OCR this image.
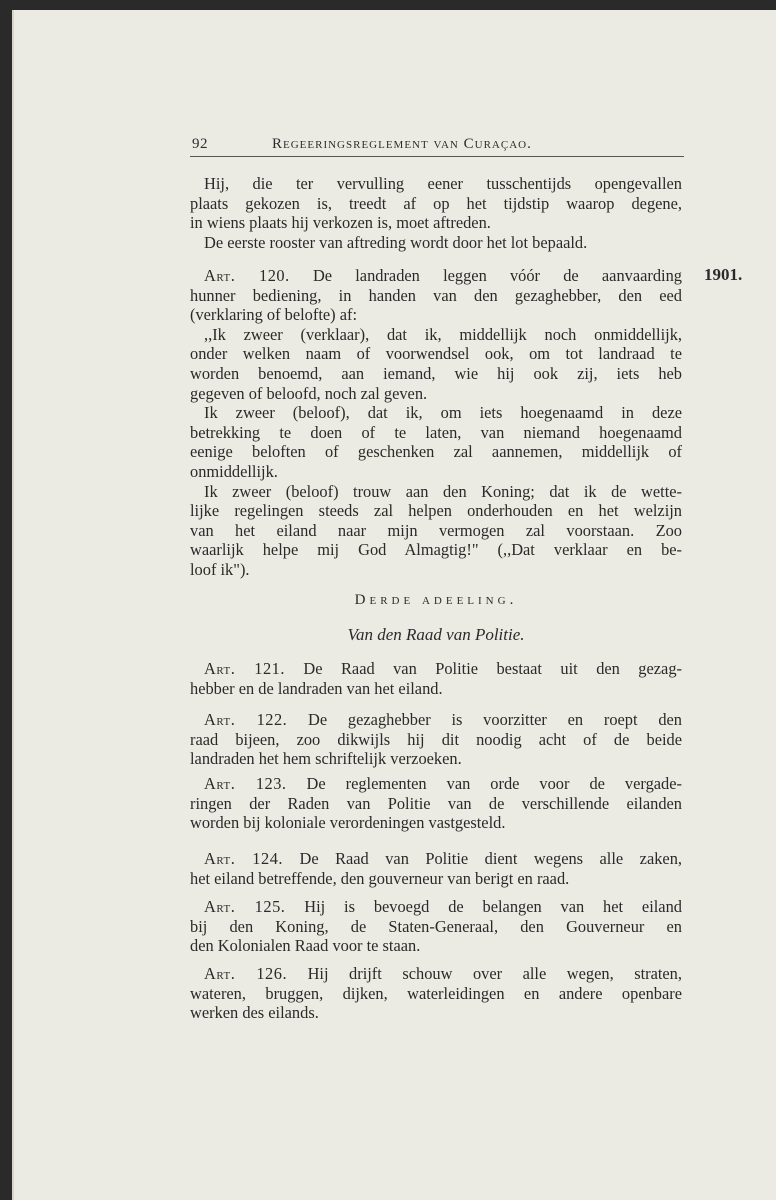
92	Regeeringsreglement van Curaçao.
Hij, die ter vervulling eener tusschentijds opengevallen
plaats gekozen is, treedt af op het tijdstip waarop degene,
in wiens plaats hij verkozen is, moet aftreden.
De eerste rooster van aftreding wordt door het lot bepaald.
1901.
Art. 120. De landraden leggen vóór de aanvaarding
hunner bediening, in handen van den gezaghebber, den eed
(verklaring of belofte) af:
,,Ik zweer (verklaar), dat ik, middellijk noch onmiddellijk,
onder welken naam of voorwendsel ook, om tot landraad te
worden benoemd, aan iemand, wie hij ook zij, iets heb
gegeven of beloofd, noch zal geven.
Ik zweer (beloof), dat ik, om iets hoegenaamd in deze
betrekking te doen of te laten, van niemand hoegenaamd
eenige beloften of geschenken zal aannemen, middellijk of
onmiddellijk.
Ik zweer (beloof) trouw aan den Koning; dat ik de wette-
lijke regelingen steeds zal helpen onderhouden en het welzijn
van het eiland naar mijn vermogen zal voorstaan. Zoo
waarlijk helpe mij God Almagtig!" (,,Dat verklaar en be-
loof ik").
Derde adeeling.
Van den Raad van Politie.
Art. 121. De Raad van Politie bestaat uit den gezag-
hebber en de landraden van het eiland.
Art. 122. De gezaghebber is voorzitter en roept den
raad bijeen, zoo dikwijls hij dit noodig acht of de beide
landraden het hem schriftelijk verzoeken.
Art. 123. De reglementen van orde voor de vergade-
ringen der Raden van Politie van de verschillende eilanden
worden bij koloniale verordeningen vastgesteld.
Art. 124. De Raad van Politie dient wegens alle zaken,
het eiland betreffende, den gouverneur van berigt en raad.
Art. 125. Hij is bevoegd de belangen van het eiland
bij den Koning, de Staten-Generaal, den Gouverneur en
den Kolonialen Raad voor te staan.
Art. 126. Hij drijft schouw over alle wegen, straten,
wateren, bruggen, dijken, waterleidingen en andere openbare
werken des eilands.
